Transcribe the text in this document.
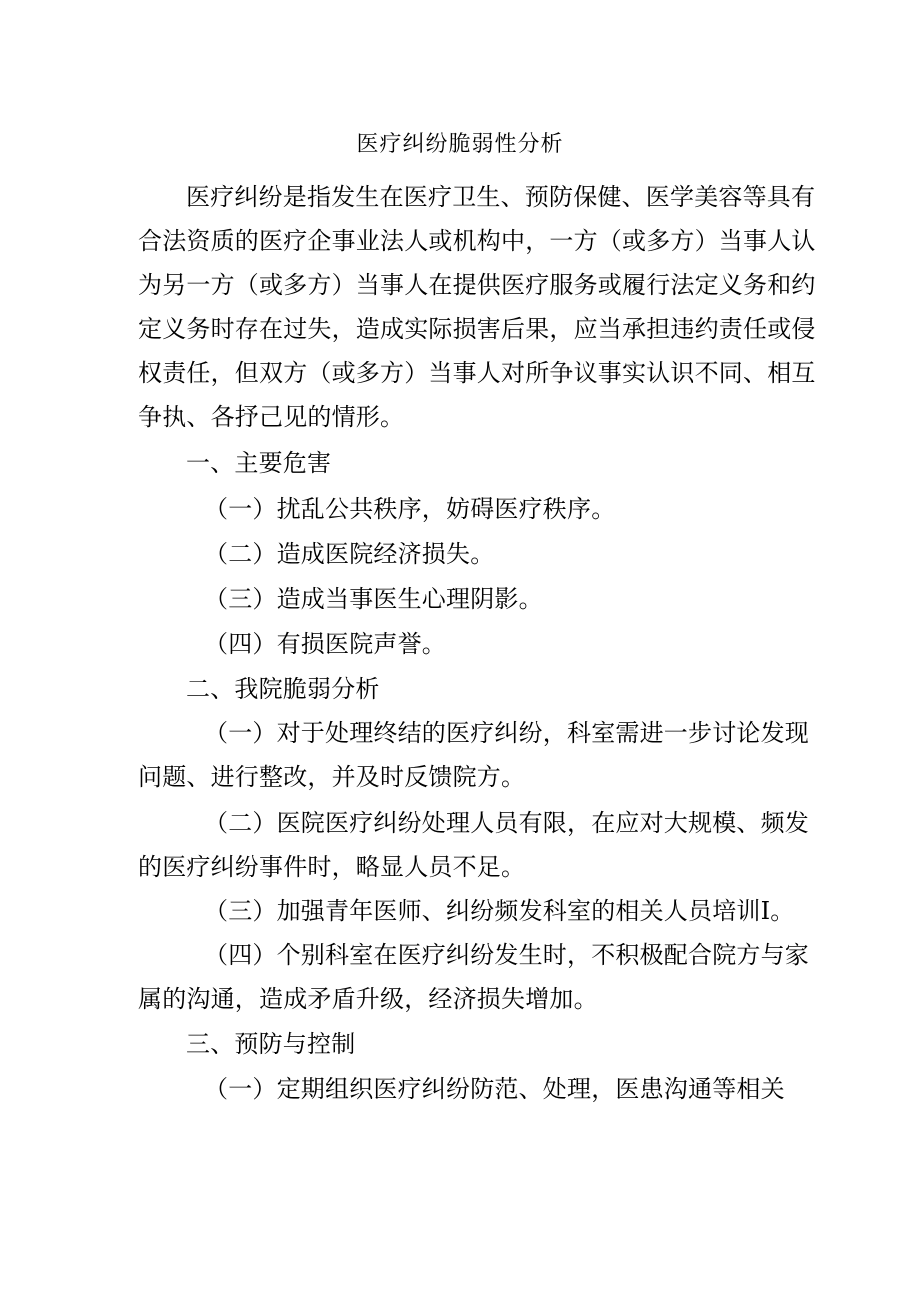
医疗纠纷脆弱性分析
医疗纠纷是指发生在医疗卫生、预防保健、医学美容等具有
合法资质的医疗企事业法人或机构中，一方（或多方）当事人认
为另一方（或多方）当事人在提供医疗服务或履行法定义务和约
定义务时存在过失，造成实际损害后果，应当承担违约责任或侵
权责任，但双方（或多方）当事人对所争议事实认识不同、相互
争执、各抒己见的情形。
一、主要危害
（一）扰乱公共秩序，妨碍医疗秩序。
（二）造成医院经济损失。
（三）造成当事医生心理阴影。
（四）有损医院声誉。
二、我院脆弱分析
（一）对于处理终结的医疗纠纷，科室需进一步讨论发现
问题、进行整改，并及时反馈院方。
（二）医院医疗纠纷处理人员有限，在应对大规模、频发
的医疗纠纷事件时，略显人员不足。
（三）加强青年医师、纠纷频发科室的相关人员培训Ⅰ。
（四）个别科室在医疗纠纷发生时，不积极配合院方与家
属的沟通，造成矛盾升级，经济损失增加。
三、预防与控制
（一）定期组织医疗纠纷防范、处理，医患沟通等相关
